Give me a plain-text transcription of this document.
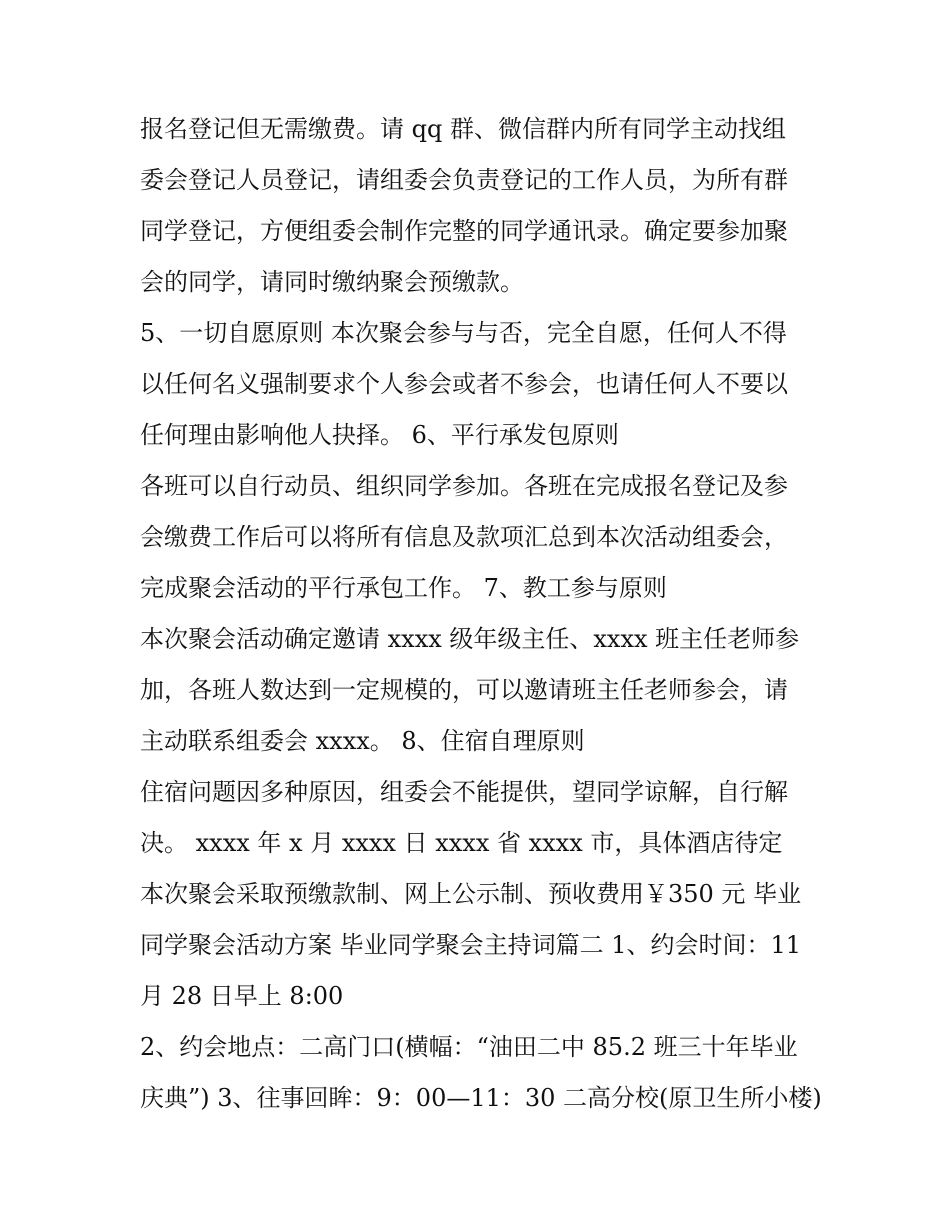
报名登记但无需缴费。请 qq 群、微信群内所有同学主动找组
委会登记人员登记，请组委会负责登记的工作人员，为所有群
同学登记，方便组委会制作完整的同学通讯录。确定要参加聚
会的同学，请同时缴纳聚会预缴款。
5、一切自愿原则 本次聚会参与与否，完全自愿，任何人不得
以任何名义强制要求个人参会或者不参会，也请任何人不要以
任何理由影响他人抉择。 6、平行承发包原则
各班可以自行动员、组织同学参加。各班在完成报名登记及参
会缴费工作后可以将所有信息及款项汇总到本次活动组委会，
完成聚会活动的平行承包工作。 7、教工参与原则
本次聚会活动确定邀请 xxxx 级年级主任、xxxx 班主任老师参
加，各班人数达到一定规模的，可以邀请班主任老师参会，请
主动联系组委会 xxxx。 8、住宿自理原则
住宿问题因多种原因，组委会不能提供，望同学谅解，自行解
决。 xxxx 年 x 月 xxxx 日 xxxx 省 xxxx 市，具体酒店待定
本次聚会采取预缴款制、网上公示制、预收费用￥350 元 毕业
同学聚会活动方案 毕业同学聚会主持词篇二 1、约会时间：11
月 28 日早上 8:00
2、约会地点：二高门口(横幅：“油田二中 85.2 班三十年毕业
庆典”) 3、往事回眸：9：00—11：30 二高分校(原卫生所小楼)
